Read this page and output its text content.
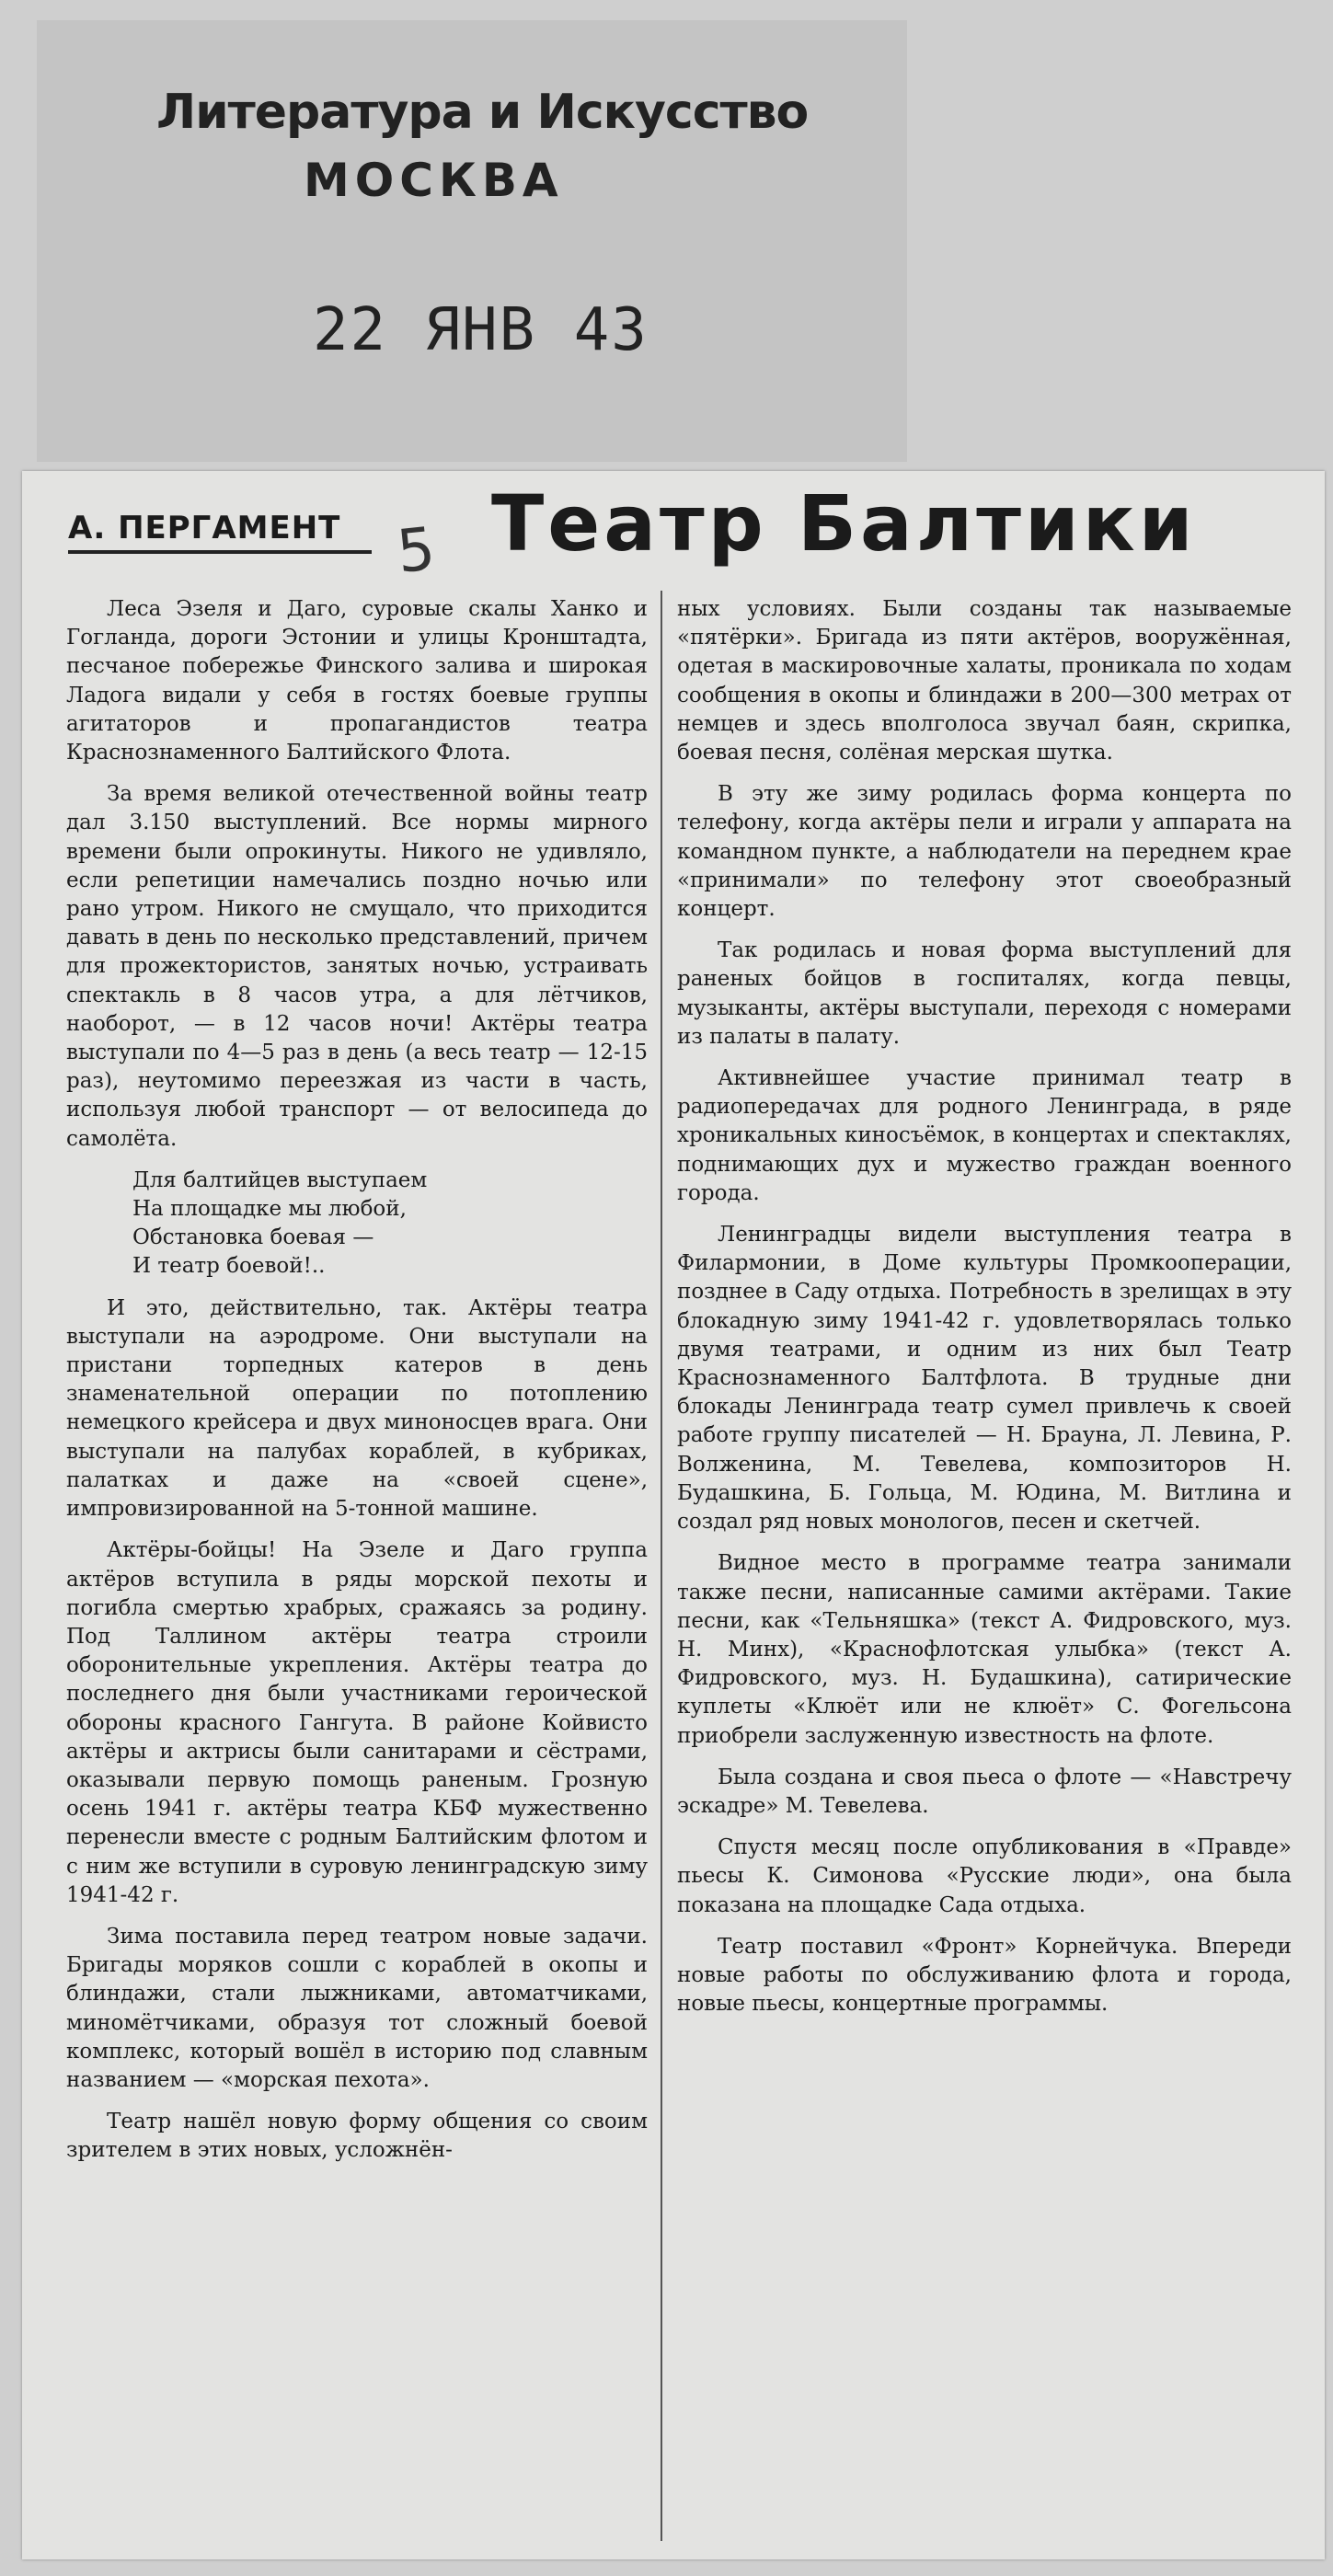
Литература и Искусство
МОСКВА
22 ЯНВ 43
А. ПЕРГАМЕНТ 5 Театр Балтики

Леса Эзеля и Даго, суровые скалы Ханко и Гогланда, дороги Эстонии и улицы Кронштадта, песчаное побережье Финского залива и широкая Ладога видали у себя в гостях боевые группы агитаторов и пропагандистов театра Краснознаменного Балтийского Флота.

За время великой отечественной войны театр дал 3.150 выступлений. Все нормы мирного времени были опрокинуты. Никого не удивляло, если репетиции намечались поздно ночью или рано утром. Никого не смущало, что приходится давать в день по несколько представлений, причем для прожектористов, занятых ночью, устраивать спектакль в 8 часов утра, а для лётчиков, наоборот, — в 12 часов ночи! Актёры театра выступали по 4—5 раз в день (а весь театр — 12-15 раз), неутомимо переезжая из части в часть, используя любой транспорт — от велосипеда до самолёта.

Для балтийцев выступаем
На площадке мы любой,
Обстановка боевая —
И театр боевой!..

И это, действительно, так. Актёры театра выступали на аэродроме. Они выступали на пристани торпедных катеров в день знаменательной операции по потоплению немецкого крейсера и двух миноносцев врага. Они выступали на палубах кораблей, в кубриках, палатках и даже на «своей сцене», импровизированной на 5-тонной машине.

Актёры-бойцы! На Эзеле и Даго группа актёров вступила в ряды морской пехоты и погибла смертью храбрых, сражаясь за родину. Под Таллином актёры театра строили оборонительные укрепления. Актёры театра до последнего дня были участниками героической обороны красного Гангута. В районе Койвисто актёры и актрисы были санитарами и сёстрами, оказывали первую помощь раненым. Грозную осень 1941 г. актёры театра КБФ мужественно перенесли вместе с родным Балтийским флотом и с ним же вступили в суровую ленинградскую зиму 1941-42 г.

Зима поставила перед театром новые задачи. Бригады моряков сошли с кораблей в окопы и блиндажи, стали лыжниками, автоматчиками, миномётчиками, образуя тот сложный боевой комплекс, который вошёл в историю под славным названием — «морская пехота».

Театр нашёл новую форму общения со своим зрителем в этих новых, усложнён-

ных условиях. Были созданы так называемые «пятёрки». Бригада из пяти актёров, вооружённая, одетая в маскировочные халаты, проникала по ходам сообщения в окопы и блиндажи в 200—300 метрах от немцев и здесь вполголоса звучал баян, скрипка, боевая песня, солёная мерская шутка.

В эту же зиму родилась форма концерта по телефону, когда актёры пели и играли у аппарата на командном пункте, а наблюдатели на переднем крае «принимали» по телефону этот своеобразный концерт.

Так родилась и новая форма выступлений для раненых бойцов в госпиталях, когда певцы, музыканты, актёры выступали, переходя с номерами из палаты в палату.

Активнейшее участие принимал театр в радиопередачах для родного Ленинграда, в ряде хроникальных киносъёмок, в концертах и спектаклях, поднимающих дух и мужество граждан военного города.

Ленинградцы видели выступления театра в Филармонии, в Доме культуры Промкооперации, позднее в Саду отдыха. Потребность в зрелищах в эту блокадную зиму 1941-42 г. удовлетворялась только двумя театрами, и одним из них был Театр Краснознаменного Балтфлота. В трудные дни блокады Ленинграда театр сумел привлечь к своей работе группу писателей — Н. Брауна, Л. Левина, Р. Волженина, М. Тевелева, композиторов Н. Будашкина, Б. Гольца, М. Юдина, М. Витлина и создал ряд новых монологов, песен и скетчей.

Видное место в программе театра занимали также песни, написанные самими актёрами. Такие песни, как «Тельняшка» (текст А. Фидровского, муз. Н. Минх), «Краснофлотская улыбка» (текст А. Фидровского, муз. Н. Будашкина), сатирические куплеты «Клюёт или не клюёт» С. Фогельсона приобрели заслуженную известность на флоте.

Была создана и своя пьеса о флоте — «Навстречу эскадре» М. Тевелева.

Спустя месяц после опубликования в «Правде» пьесы К. Симонова «Русские люди», она была показана на площадке Сада отдыха.

Театр поставил «Фронт» Корнейчука. Впереди новые работы по обслуживанию флота и города, новые пьесы, концертные программы.
